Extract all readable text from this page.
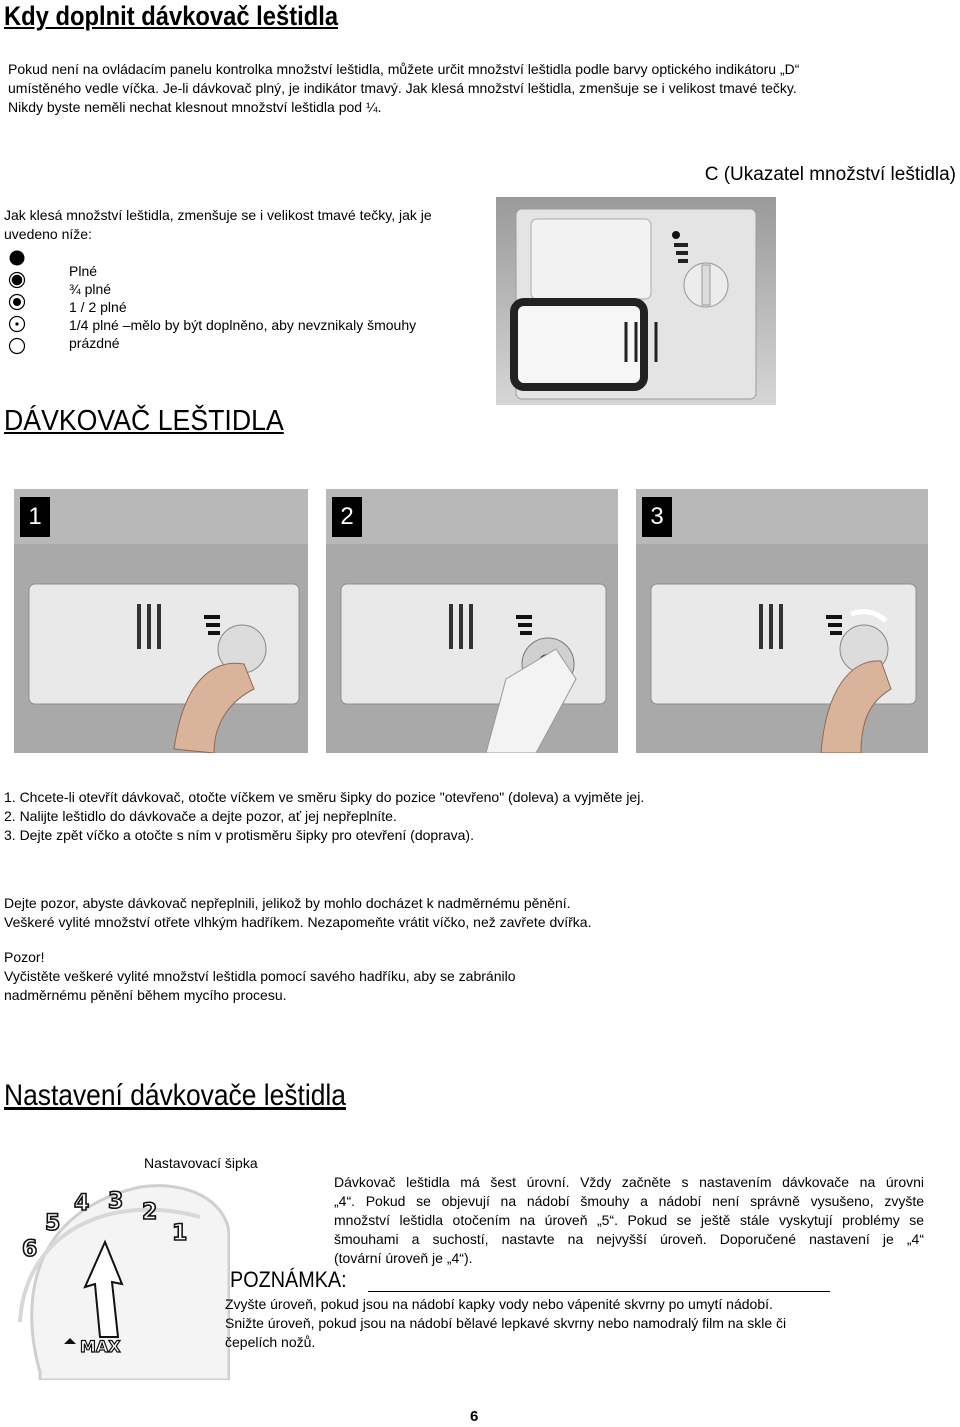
Kdy doplnit dávkovač leštidla
Pokud není na ovládacím panelu kontrolka množství leštidla, můžete určit množství leštidla podle barvy optického indikátoru „D“
umístěného vedle víčka. Je-li dávkovač plný, je indikátor tmavý. Jak klesá množství leštidla, zmenšuje se i velikost tmavé tečky.
Nikdy byste neměli nechat klesnout množství leštidla pod ¼.
C (Ukazatel množství leštidla)
Jak klesá množství leštidla, zmenšuje se i velikost tmavé tečky, jak je
uvedeno níže:
Plné
¾ plné
1 / 2 plné
1/4 plné –mělo by být doplněno, aby nevznikaly šmouhy
prázdné
DÁVKOVAČ LEŠTIDLA
1	2	3
1. Chcete-li otevřít dávkovač, otočte víčkem ve směru šipky do pozice "otevřeno" (doleva) a vyjměte jej.
2. Nalijte leštidlo do dávkovače a dejte pozor, ať jej nepřeplníte.
3. Dejte zpět víčko a otočte s ním v protisměru šipky pro otevření (doprava).
Dejte pozor, abyste dávkovač nepřeplnili, jelikož by mohlo docházet k nadměrnému pěnění.
Veškeré vylité množství otřete vlhkým hadříkem. Nezapomeňte vrátit víčko, než zavřete dvířka.
Pozor!
Vyčistěte veškeré vylité množství leštidla pomocí savého hadříku, aby se zabránilo
nadměrnému pěnění během mycího procesu.
Nastavení dávkovače leštidla
Nastavovací šipka
6
5
4 3 2
1
MAX
Dávkovač leštidla má šest úrovní. Vždy začněte s nastavením dávkovače na úrovni
„4“. Pokud se objevují na nádobí šmouhy a nádobí není správně vysušeno, zvyšte
množství leštidla otočením na úroveň „5“. Pokud se ještě stále vyskytují problémy se
šmouhami a suchostí, nastavte na nejvyšší úroveň. Doporučené nastavení je „4“
(tovární úroveň je „4“).
POZNÁMKA:
Zvyšte úroveň, pokud jsou na nádobí kapky vody nebo vápenité skvrny po umytí nádobí.
Snižte úroveň, pokud jsou na nádobí bělavé lepkavé skvrny nebo namodralý film na skle či
čepelích nožů.
6
